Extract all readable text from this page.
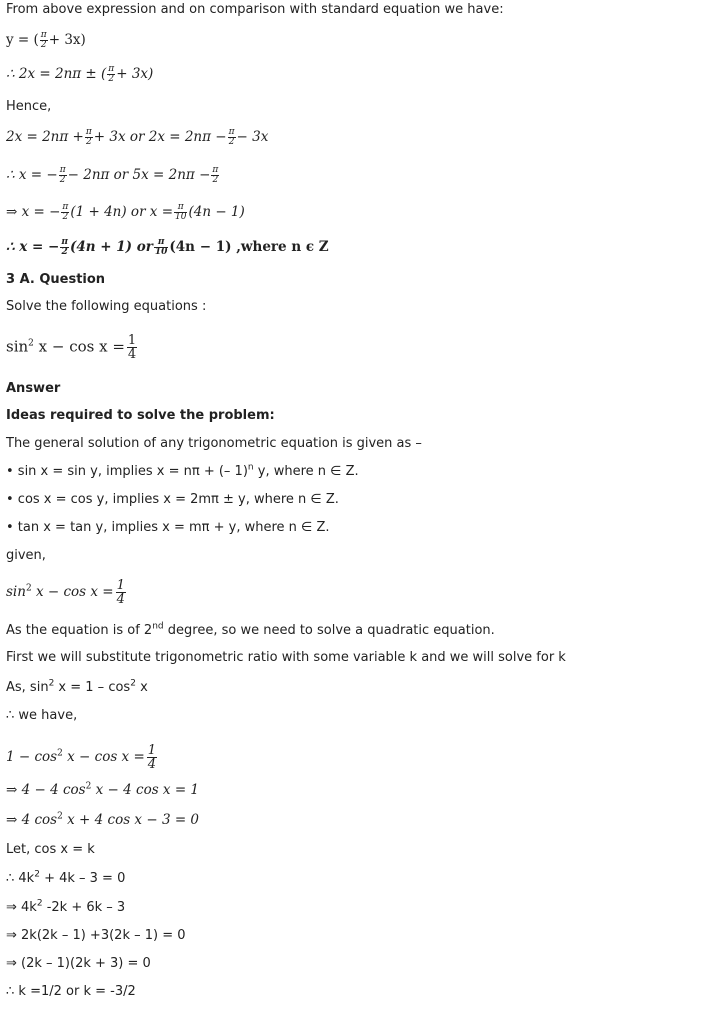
From above expression and on comparison with standard equation we have:
y = ( $\frac{\pi}{2} + 3x$)
∴ 2x = 2nπ ± ( $\frac{\pi}{2} + 3x$)
Hence,
$2x = 2n\pi + \frac{\pi}{2} + 3x$ or $2x = 2n\pi - \frac{\pi}{2} - 3x$
∴ x = − $\frac{\pi}{2} - 2n\pi$ or $5x = 2n\pi - \frac{\pi}{2}$
⇒ x = − $\frac{\pi}{2} (1 + 4n)$ or $x = \frac{\pi}{10} (4n - 1)$
∴ x = − $\frac{\pi}{2} (4n + 1)$ or $\frac{\pi}{10} (4n - 1)$ ,where n ϵ Z
3 A. Question
Solve the following equations :
$\sin^2 x - \cos x = \frac{1}{4}$
Answer
Ideas required to solve the problem:
The general solution of any trigonometric equation is given as –
• sin x = sin y, implies x = nπ + (– 1)$^n$ y, where n ∈ Z.
• cos x = cos y, implies x = 2mπ ± y, where n ∈ Z.
• tan x = tan y, implies x = mπ + y, where n ∈ Z.
given,
$\sin^2 x - \cos x = \frac{1}{4}$
As the equation is of 2nd degree, so we need to solve a quadratic equation.
First we will substitute trigonometric ratio with some variable k and we will solve for k
As, $\sin^2 x = 1 - \cos^2 x$
∴ we have,
$1 - \cos^2 x - \cos x = \frac{1}{4}$
⇒ 4 − 4 $\cos^2 x - 4$ cos x = 1
⇒ 4 $\cos^2 x + 4$ cos x − 3 = 0
Let, cos x = k
∴ $4k^2 + 4k - 3 = 0$
⇒ $4k^2$ -2k + 6k – 3
⇒ 2k(2k – 1) +3(2k – 1) = 0
⇒ (2k – 1)(2k + 3) = 0
∴ k =1/2 or k = -3/2
